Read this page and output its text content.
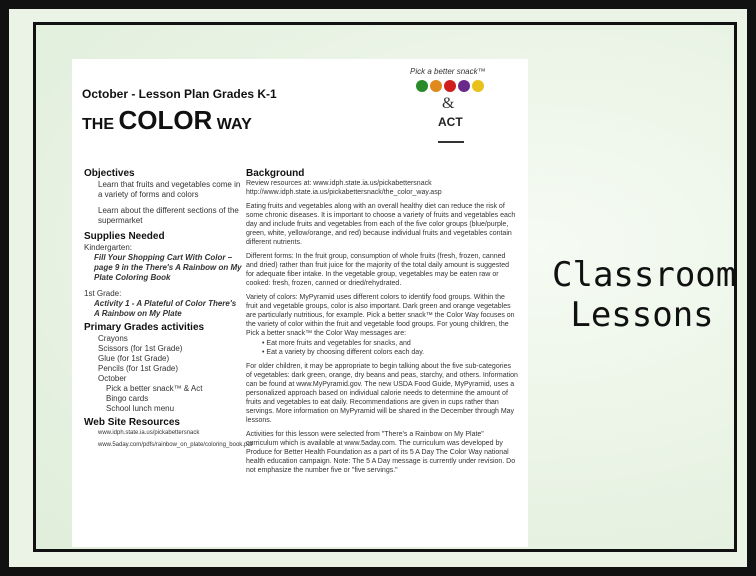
October - Lesson Plan Grades K-1
THE COLOR WAY
Pick a better snack™
&
ACT
Objectives
Learn that fruits and vegetables come in a variety of forms and colors
Learn about the different sections of the supermarket
Supplies Needed
Kindergarten:
Fill Your Shopping Cart With Color – page 9 in the There's A Rainbow on My Plate Coloring Book
1st Grade:
Activity 1 - A Plateful of Color There's A Rainbow on My Plate
Primary Grades activities
Crayons
Scissors (for 1st Grade)
Glue (for 1st Grade)
Pencils (for 1st Grade)
October
Pick a better snack™ & Act
Bingo cards
School lunch menu
Web Site Resources
www.idph.state.ia.us/pickabettersnack
www.5aday.com/pdfs/rainbow_on_plate/coloring_book.pdf
Background
Review resources at: www.idph.state.ia.us/pickabettersnack http://www.idph.state.ia.us/pickabettersnack/the_color_way.asp
Eating fruits and vegetables along with an overall healthy diet can reduce the risk of some chronic diseases. It is important to choose a variety of fruits and vegetables each day and include fruits and vegetables from each of the five color groups (blue/purple, green, white, yellow/orange, and red) because individual fruits and vegetables contain different nutrients.
Different forms: In the fruit group, consumption of whole fruits (fresh, frozen, canned and dried) rather than fruit juice for the majority of the total daily amount is suggested for adequate fiber intake. In the vegetable group, vegetables may be eaten raw or cooked: fresh, frozen, canned or dried/rehydrated.
Variety of colors: MyPyramid uses different colors to identify food groups. Within the fruit and vegetable groups, color is also important. Dark green and orange vegetables are particularly nutritious, for example. Pick a better snack™ the Color Way focuses on the variety of color within the fruit and vegetable food groups. For young children, the Pick a better snack™ the Color Way messages are:
• Eat more fruits and vegetables for snacks, and
• Eat a variety by choosing different colors each day.
For older children, it may be appropriate to begin talking about the five sub-categories of vegetables: dark green, orange, dry beans and peas, starchy, and others. Information can be found at www.MyPyramid.gov. The new USDA Food Guide, MyPyramid, uses a personalized approach based on individual calorie needs to determine the amount of fruits and vegetables to eat daily. Recommendations are given in cups rather than servings. More information on MyPyramid will be shared in the December through May lessons.
Activities for this lesson were selected from "There's a Rainbow on My Plate" curriculum which is available at www.5aday.com. The curriculum was developed by Produce for Better Health Foundation as a part of its 5 A Day The Color Way national health education campaign. Note: The 5 A Day message is currently under revision. Do not emphasize the number five or "five servings."
Classroom
Lessons
